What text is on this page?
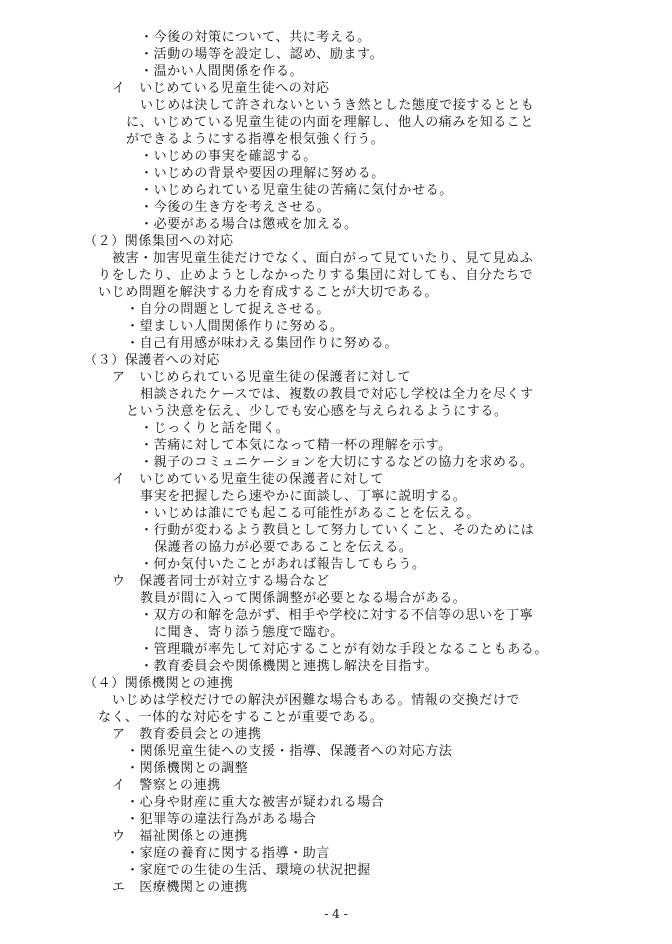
・今後の対策について、共に考える。
・活動の場等を設定し、認め、励ます。
・温かい人間関係を作る。
イ　いじめている児童生徒への対応
いじめは決して許されないというき然とした態度で接するととも
に、いじめている児童生徒の内面を理解し、他人の痛みを知ること
ができるようにする指導を根気強く行う。
・いじめの事実を確認する。
・いじめの背景や要因の理解に努める。
・いじめられている児童生徒の苦痛に気付かせる。
・今後の生き方を考えさせる。
・必要がある場合は懲戒を加える。
（２）関係集団への対応
被害・加害児童生徒だけでなく、面白がって見ていたり、見て見ぬふ
りをしたり、止めようとしなかったりする集団に対しても、自分たちで
いじめ問題を解決する力を育成することが大切である。
・自分の問題として捉えさせる。
・望ましい人間関係作りに努める。
・自己有用感が味わえる集団作りに努める。
（３）保護者への対応
ア　いじめられている児童生徒の保護者に対して
相談されたケースでは、複数の教員で対応し学校は全力を尽くす
という決意を伝え、少しでも安心感を与えられるようにする。
・じっくりと話を聞く。
・苦痛に対して本気になって精一杯の理解を示す。
・親子のコミュニケーションを大切にするなどの協力を求める。
イ　いじめている児童生徒の保護者に対して
事実を把握したら速やかに面談し、丁寧に説明する。
・いじめは誰にでも起こる可能性があることを伝える。
・行動が変わるよう教員として努力していくこと、そのためには
保護者の協力が必要であることを伝える。
・何か気付いたことがあれば報告してもらう。
ウ　保護者同士が対立する場合など
教員が間に入って関係調整が必要となる場合がある。
・双方の和解を急がず、相手や学校に対する不信等の思いを丁寧
に聞き、寄り添う態度で臨む。
・管理職が率先して対応することが有効な手段となることもある。
・教育委員会や関係機関と連携し解決を目指す。
（４）関係機関との連携
いじめは学校だけでの解決が困難な場合もある。情報の交換だけで
なく、一体的な対応をすることが重要である。
ア　教育委員会との連携
・関係児童生徒への支援・指導、保護者への対応方法
・関係機関との調整
イ　警察との連携
・心身や財産に重大な被害が疑われる場合
・犯罪等の違法行為がある場合
ウ　福祉関係との連携
・家庭の養育に関する指導・助言
・家庭での生徒の生活、環境の状況把握
エ　医療機関との連携
- 4 -
